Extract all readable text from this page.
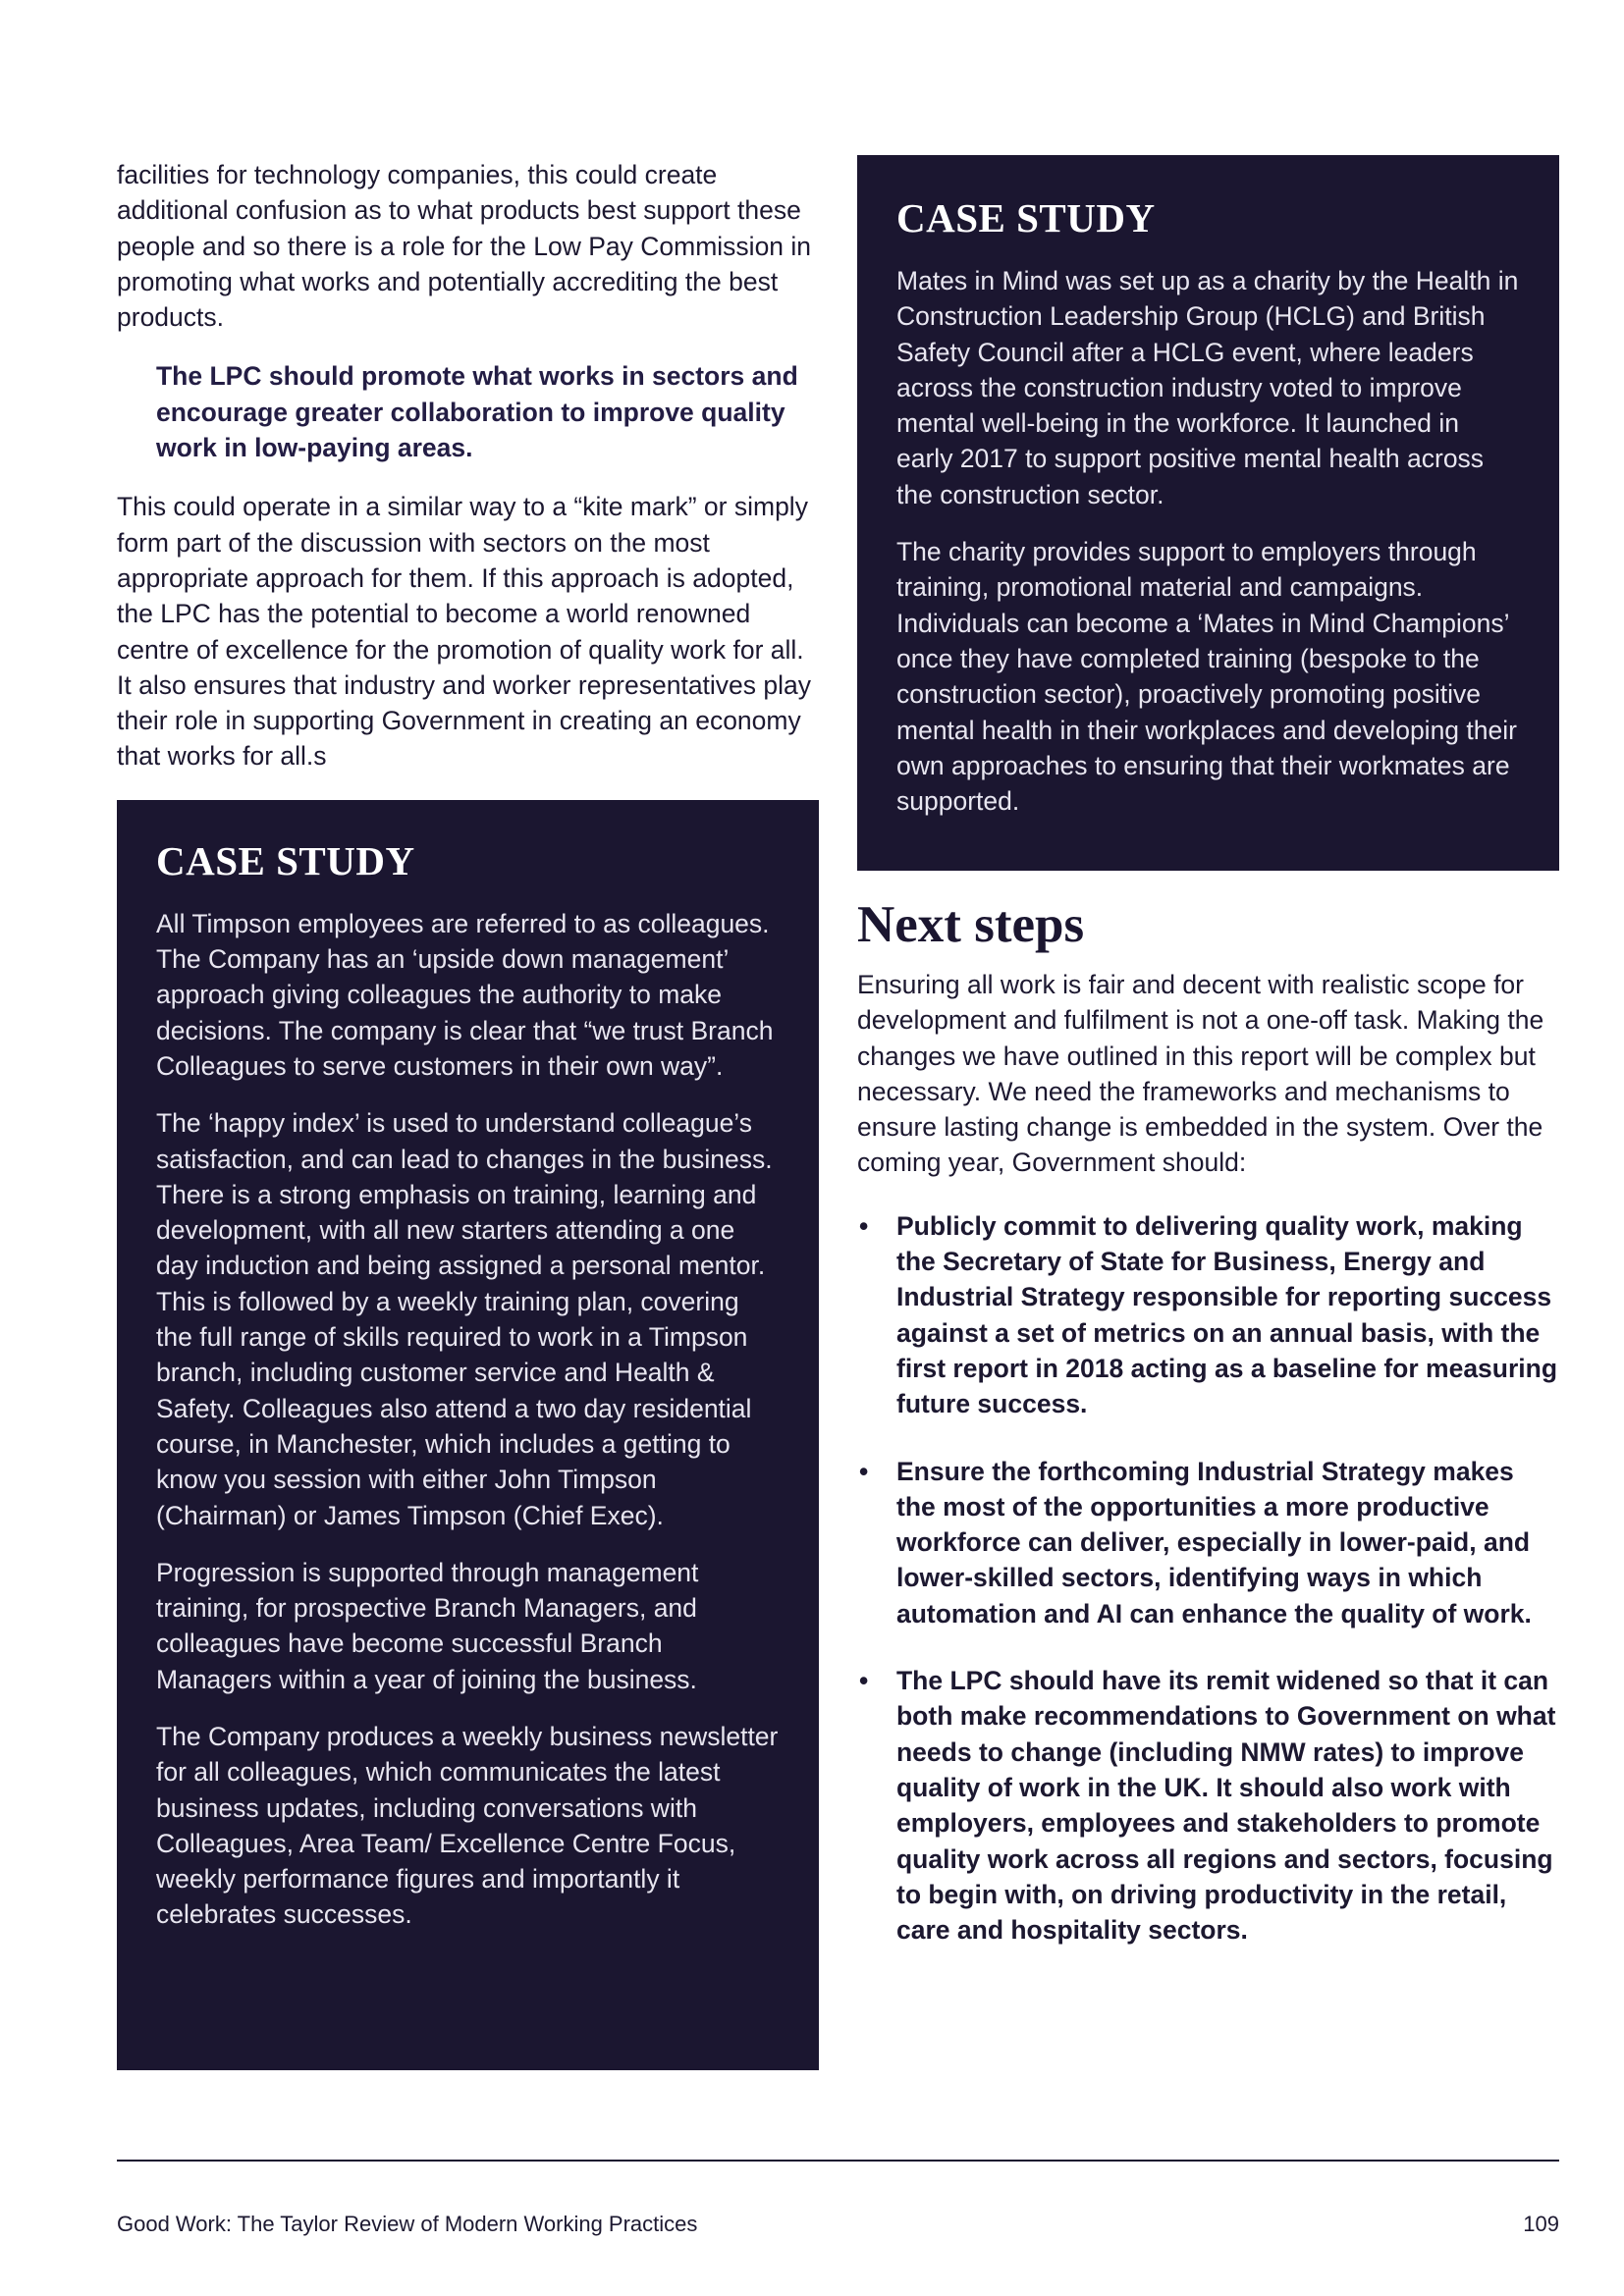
facilities for technology companies, this could create additional confusion as to what products best support these people and so there is a role for the Low Pay Commission in promoting what works and potentially accrediting the best products.

The LPC should promote what works in sectors and encourage greater collaboration to improve quality work in low-paying areas.

This could operate in a similar way to a “kite mark” or simply form part of the discussion with sectors on the most appropriate approach for them. If this approach is adopted, the LPC has the potential to become a world renowned centre of excellence for the promotion of quality work for all. It also ensures that industry and worker representatives play their role in supporting Government in creating an economy that works for all.s

CASE STUDY

All Timpson employees are referred to as colleagues. The Company has an ‘upside down management’ approach giving colleagues the authority to make decisions. The company is clear that “we trust Branch Colleagues to serve customers in their own way”.

The ‘happy index’ is used to understand colleague’s satisfaction, and can lead to changes in the business. There is a strong emphasis on training, learning and development, with all new starters attending a one day induction and being assigned a personal mentor. This is followed by a weekly training plan, covering the full range of skills required to work in a Timpson branch, including customer service and Health & Safety. Colleagues also attend a two day residential course, in Manchester, which includes a getting to know you session with either John Timpson (Chairman) or James Timpson (Chief Exec).

Progression is supported through management training, for prospective Branch Managers, and colleagues have become successful Branch Managers within a year of joining the business.

The Company produces a weekly business newsletter for all colleagues, which communicates the latest business updates, including conversations with Colleagues, Area Team/ Excellence Centre Focus, weekly performance figures and importantly it celebrates successes.

CASE STUDY

Mates in Mind was set up as a charity by the Health in Construction Leadership Group (HCLG) and British Safety Council after a HCLG event, where leaders across the construction industry voted to improve mental well-being in the workforce. It launched in early 2017 to support positive mental health across the construction sector.

The charity provides support to employers through training, promotional material and campaigns. Individuals can become a ‘Mates in Mind Champions’ once they have completed training (bespoke to the construction sector), proactively promoting positive mental health in their workplaces and developing their own approaches to ensuring that their workmates are supported.

Next steps

Ensuring all work is fair and decent with realistic scope for development and fulfilment is not a one-off task. Making the changes we have outlined in this report will be complex but necessary. We need the frameworks and mechanisms to ensure lasting change is embedded in the system. Over the coming year, Government should:

• Publicly commit to delivering quality work, making the Secretary of State for Business, Energy and Industrial Strategy responsible for reporting success against a set of metrics on an annual basis, with the first report in 2018 acting as a baseline for measuring future success.
• Ensure the forthcoming Industrial Strategy makes the most of the opportunities a more productive workforce can deliver, especially in lower-paid, and lower-skilled sectors, identifying ways in which automation and AI can enhance the quality of work.
• The LPC should have its remit widened so that it can both make recommendations to Government on what needs to change (including NMW rates) to improve quality of work in the UK. It should also work with employers, employees and stakeholders to promote quality work across all regions and sectors, focusing to begin with, on driving productivity in the retail, care and hospitality sectors.
Good Work: The Taylor Review of Modern Working Practices	109
